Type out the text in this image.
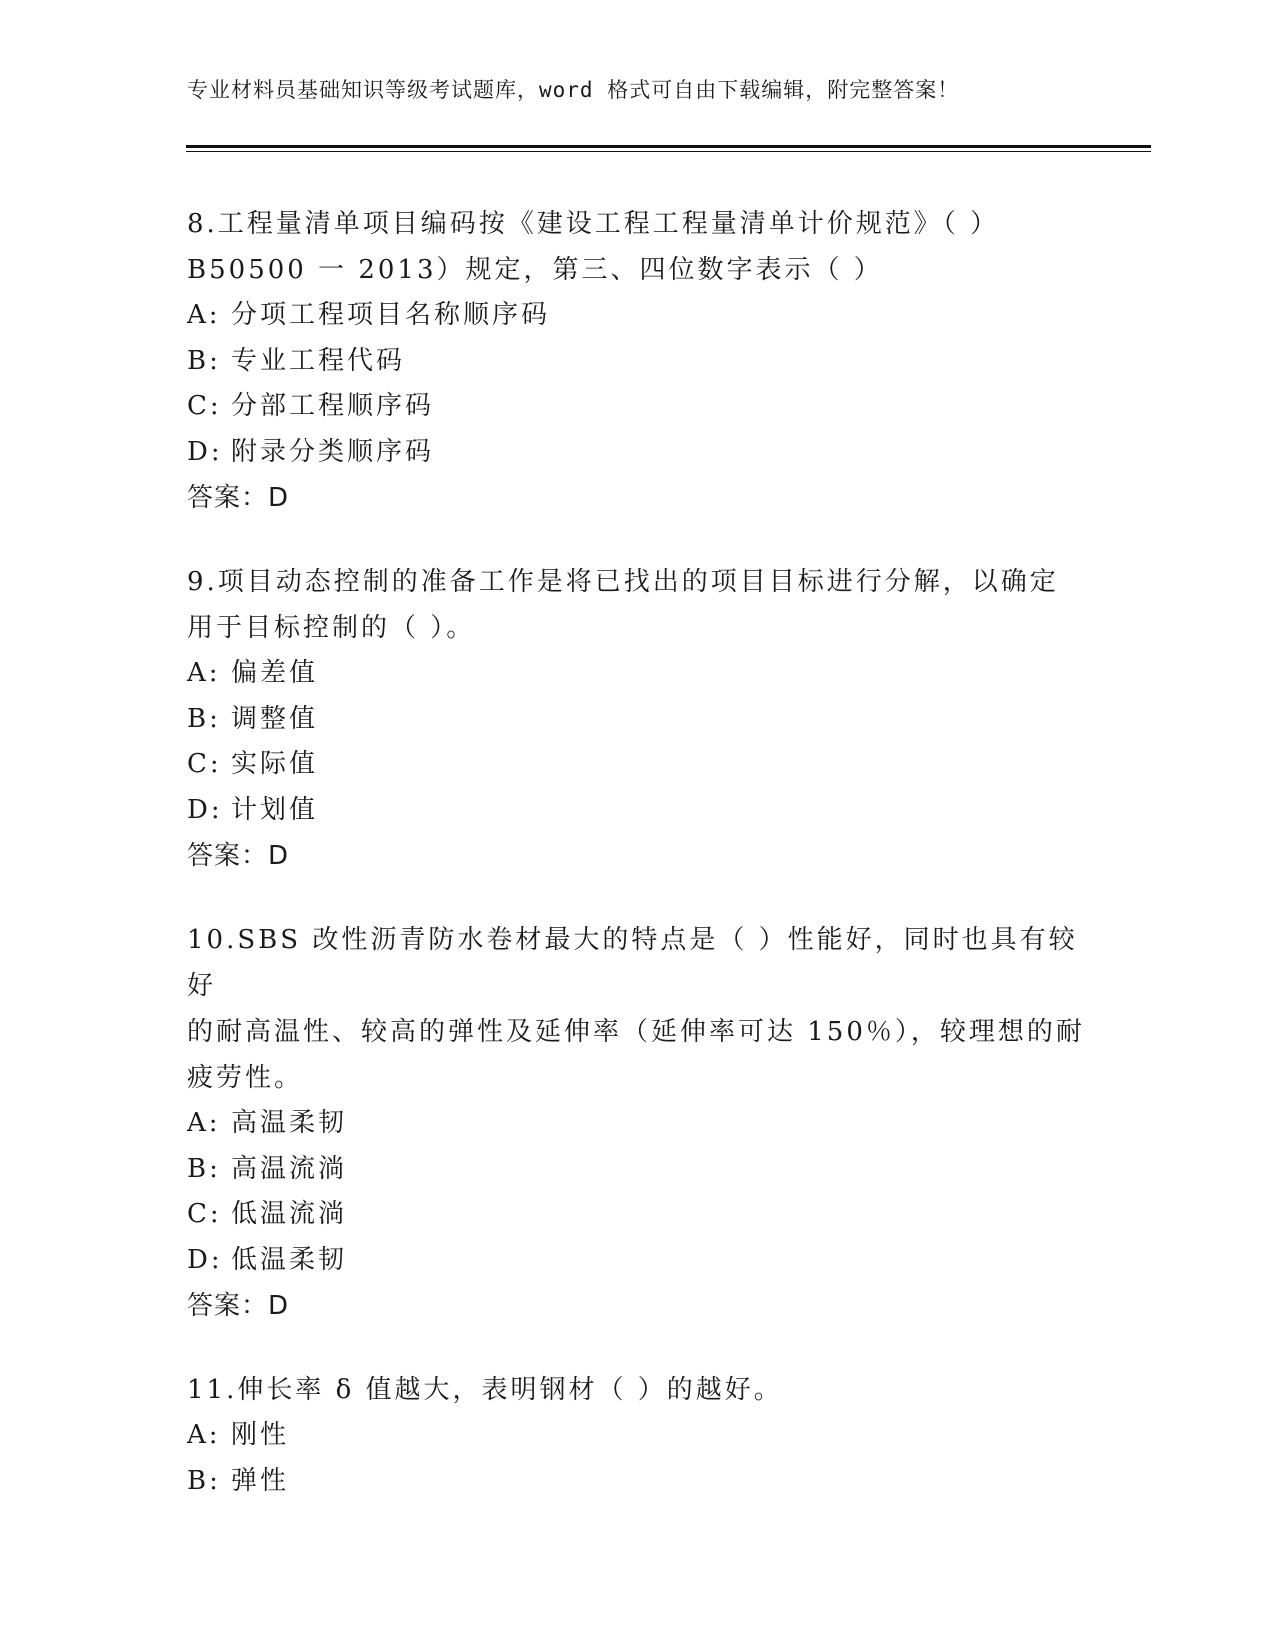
专业材料员基础知识等级考试题库，word 格式可自由下载编辑，附完整答案！
8.工程量清单项目编码按《建设工程工程量清单计价规范》（ ）
B50500 一 2013）规定，第三、四位数字表示（ ）
A: 分项工程项目名称顺序码
B: 专业工程代码
C: 分部工程顺序码
D: 附录分类顺序码
答案：D
9.项目动态控制的准备工作是将已找出的项目目标进行分解，以确定
用于目标控制的（ ）。
A: 偏差值
B: 调整值
C: 实际值
D: 计划值
答案：D
10.SBS 改性沥青防水卷材最大的特点是（ ）性能好，同时也具有较好
的耐高温性、较高的弹性及延伸率（延伸率可达 150％），较理想的耐
疲劳性。
A: 高温柔韧
B: 高温流淌
C: 低温流淌
D: 低温柔韧
答案：D
11.伸长率 δ 值越大，表明钢材（ ）的越好。
A: 刚性
B: 弹性
